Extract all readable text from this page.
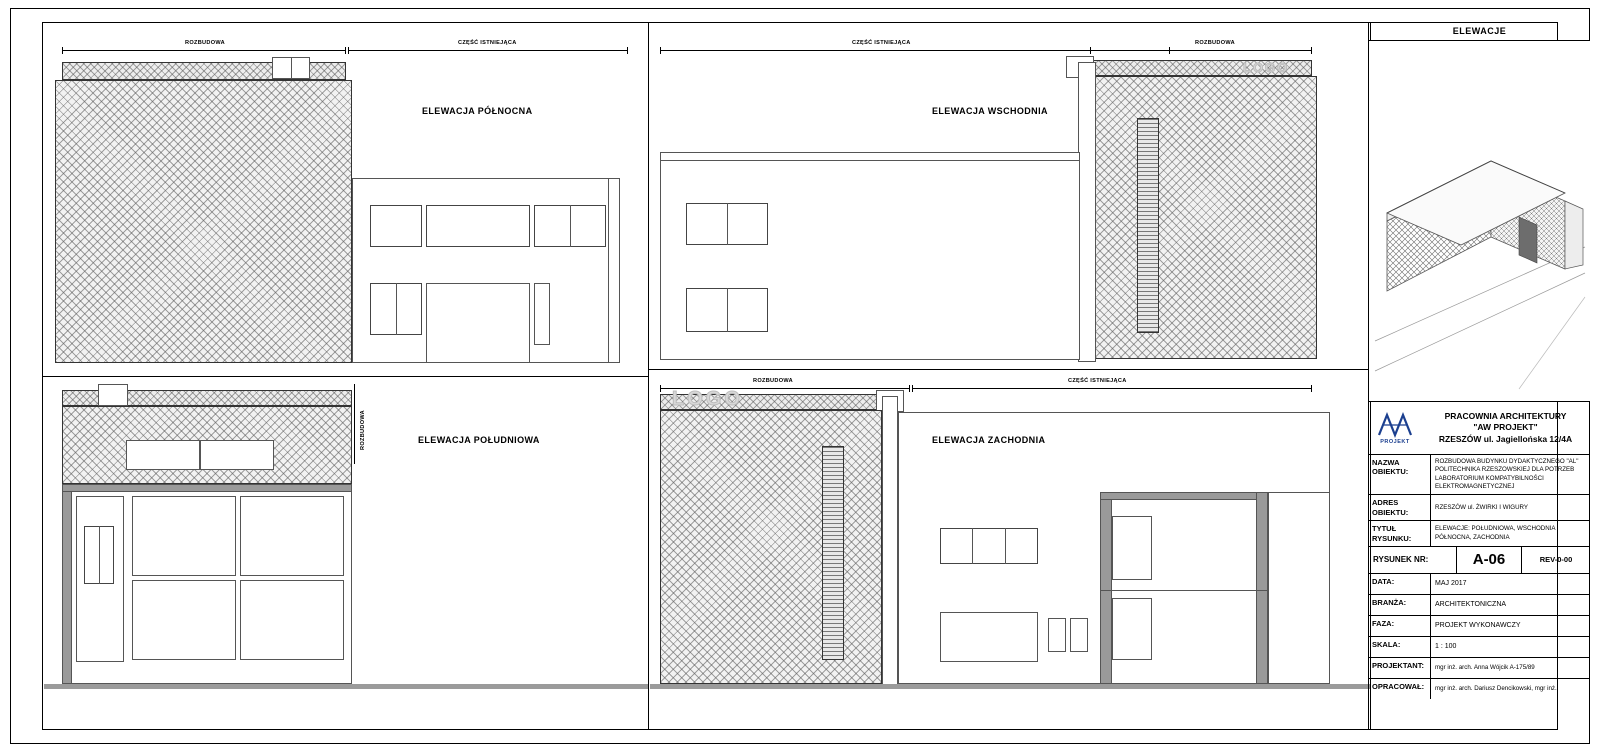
ROZBUDOWA	CZĘŚĆ ISTNIEJĄCA
ELEWACJA PÓŁNOCNA
CZĘŚĆ ISTNIEJĄCA	ROZBUDOWA
LOGO
ELEWACJA WSCHODNIA
ROZBUDOWA	ELEWACJA POŁUDNIOWA
ROZBUDOWA	CZĘŚĆ ISTNIEJĄCA
LOGO
ELEWACJA ZACHODNIA
ELEWACJE
PROJEKT
PRACOWNIA ARCHITEKTURY
"AW PROJEKT"
RZESZÓW ul. Jagiellońska 12/4A
NAZWA OBIEKTU:
ROZBUDOWA BUDYNKU DYDAKTYCZNEGO "AL" POLITECHNIKA RZESZOWSKIEJ DLA POTRZEB LABORATORIUM KOMPATYBILNOŚCI ELEKTROMAGNETYCZNEJ
ADRES OBIEKTU:
RZESZÓW ul. ŻWIRKI I WIGURY
TYTUŁ RYSUNKU:
ELEWACJE: POŁUDNIOWA, WSCHODNIA PÓŁNOCNA, ZACHODNIA
RYSUNEK NR:	A-06	REV-0-00
DATA:	MAJ 2017
BRANŻA:	ARCHITEKTONICZNA
FAZA:	PROJEKT WYKONAWCZY
SKALA:	1 : 100
PROJEKTANT:	mgr inż. arch. Anna Wójcik A-175/89
OPRACOWAŁ:	mgr inż. arch. Dariusz Dencikowski, mgr inż.
